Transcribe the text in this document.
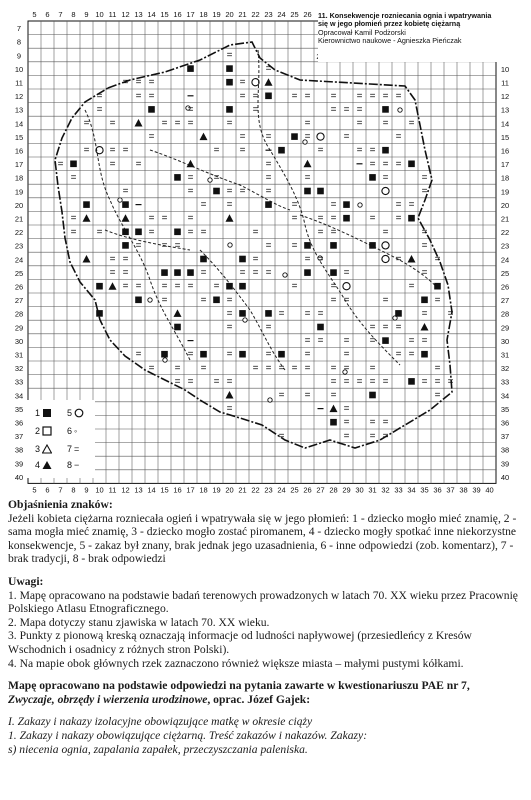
=
=
=
=
=
=
=
=
=
=
=
=
=
=
=
=
=
=
=
=
=
=
=
=
=
=
=
=
=
=
=
=
=
=
=
=
=
=
=
=
=
=
=
=
=
=
=
=
=
=
=
=
=
=
=
=
=
=
=
=
=
=
=
=
=
=
=
=
=
=
=
=
=
=
=
=
=
=
=
=
=
=
=
=
=
=
=
=
=
=
=
=
=
=
=
=
=
=
=
=
=
=
=
=
=
=
=
=
=
=
=
=
=
=
=
=
=
=
=
=
=
=
=
=
=
=
=
=
=
=
=
=
=
=
=
=
=
=
=
=
=
=
=
=
=
=
=
=
=
=
=
=
=
=
=
=
=
=
=
=
=
=
=
=
=
=
=
=
=
=
=
=
=
=
=
=
=
=
=
=
=
=
=
=
=
=
=
=
=
=
=
=
5 6 7 8 9 10 11 12 13 14 15 16 17 18 19 20 21 22 23 24 25 26
7
8
9
10
11
12
13
14
15
16
17
18
19
20
21
22
23
24
25
26
27
28
29
30
31
32
33
34
35
36
37
38
39
40
10
11
12
13
14
15
16
17
18
19
20
21
22
23
24
25
26
27
28
29
30
31
32
33
34
35
36
37
38
39
40
5 6 7 8 9 10 11 12 13 14 15 16 17 18 19 20 21 22 23 24 25 26 27 28 29 30 31 32 33 34 35 36 37 38 39 40
11. Konsekwencje rozniecania ognia i wpatrywania
się w jego płomień przez kobietę ciężarną
Opracował Kamil Podżorski
Kierownictwo naukowe - Agnieszka Pieńczak
1
2
3
4
5
6 ◦
7 =
8 −

Objaśnienia znaków:

Jeżeli kobieta ciężarna rozniecała ogień i wpatrywała się w jego płomień: 1 - dziecko mogło mieć znamię, 2 - sama mogła mieć znamię, 3 - dziecko mogło zostać piromanem, 4 - dziecko mogły spotkać inne niekorzystne konsekwencje, 5 - zakaz był znany, brak jednak jego uzasadnienia, 6 - inne odpowiedzi (zob. komentarz), 7 - brak tradycji, 8 - brak odpowiedzi

Uwagi:

1. Mapę opracowano na podstawie badań terenowych prowadzonych w latach 70. XX wieku przez Pracownię Polskiego Atlasu Etnograficznego.

2. Mapa dotyczy stanu zjawiska w latach 70. XX wieku.

3. Punkty z pionową kreską oznaczają informacje od ludności napływowej (przesiedleńcy z Kresów Wschodnich i osadnicy z różnych stron Polski).

4. Na mapie obok głównych rzek zaznaczono również większe miasta – małymi pustymi kółkami.

Mapę opracowano na podstawie odpowiedzi na pytania zawarte w kwestionariuszu PAE nr 7,

Zwyczaje, obrzędy i wierzenia urodzinowe, oprac. Józef Gajek:

I. Zakazy i nakazy izolacyjne obowiązujące matkę w okresie ciąży

1. Zakazy i nakazy obowiązujące ciężarną. Treść zakazów i nakazów. Zakazy:

s) niecenia ognia, zapalania zapałek, przeczyszczania paleniska.
